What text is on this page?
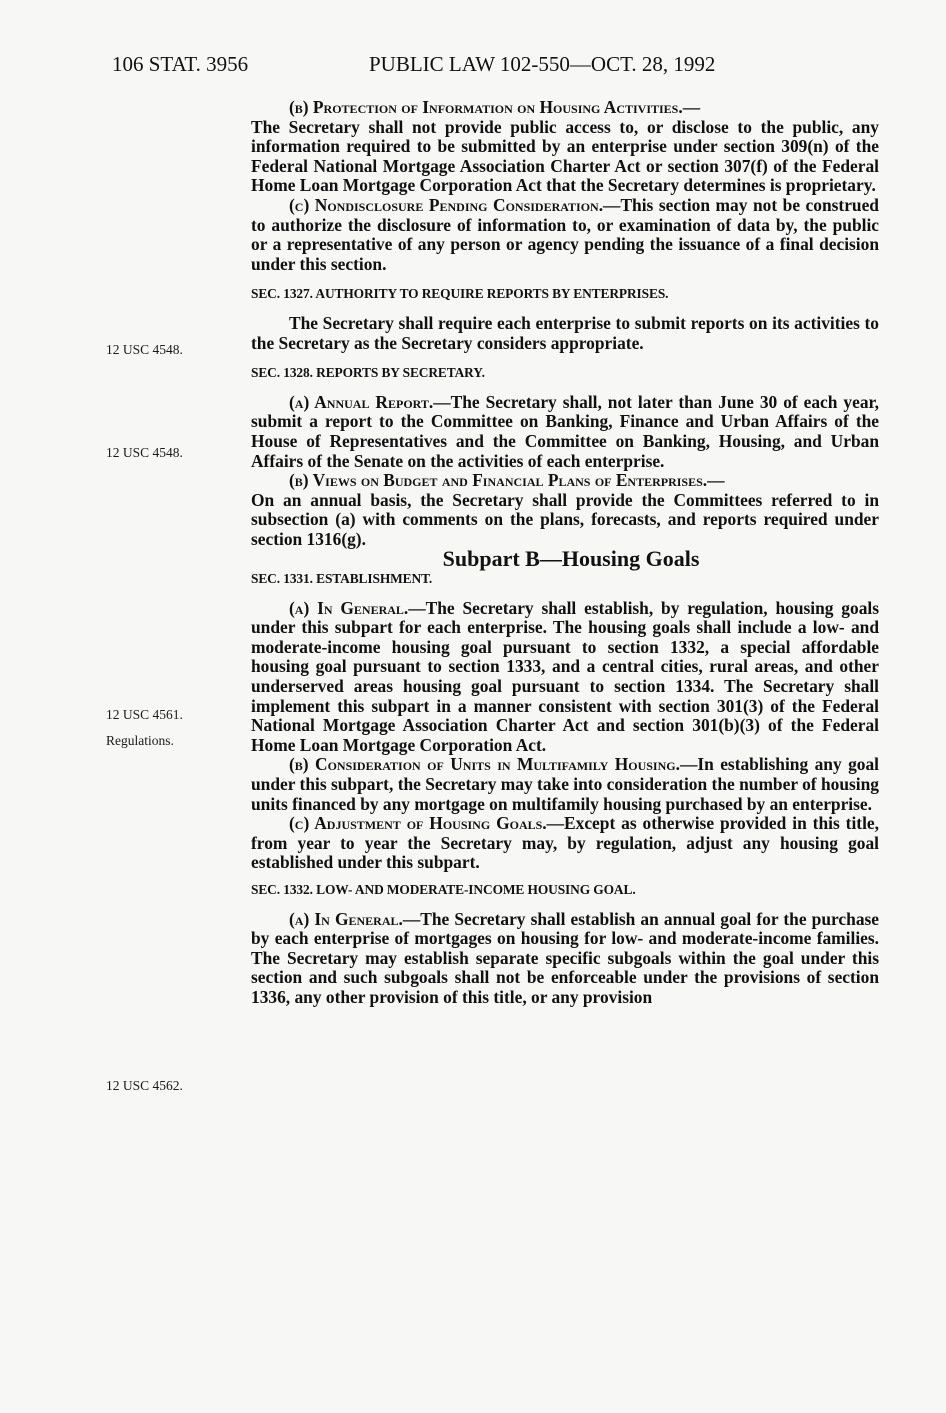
106 STAT. 3956	PUBLIC LAW 102-550—OCT. 28, 1992
12 USC 4548.
12 USC 4548.
12 USC 4561.
Regulations.
12 USC 4562.

(b) Protection of Information on Housing Activities.—
The Secretary shall not provide public access to, or disclose to the public, any information required to be submitted by an enterprise under section 309(n) of the Federal National Mortgage Association Charter Act or section 307(f) of the Federal Home Loan Mortgage Corporation Act that the Secretary determines is proprietary.

(c) Nondisclosure Pending Consideration.—This section may not be construed to authorize the disclosure of information to, or examination of data by, the public or a representative of any person or agency pending the issuance of a final decision under this section.

SEC. 1327. AUTHORITY TO REQUIRE REPORTS BY ENTERPRISES.

The Secretary shall require each enterprise to submit reports on its activities to the Secretary as the Secretary considers appropriate.

SEC. 1328. REPORTS BY SECRETARY.

(a) Annual Report.—The Secretary shall, not later than June 30 of each year, submit a report to the Committee on Banking, Finance and Urban Affairs of the House of Representatives and the Committee on Banking, Housing, and Urban Affairs of the Senate on the activities of each enterprise.

(b) Views on Budget and Financial Plans of Enterprises.—
On an annual basis, the Secretary shall provide the Committees referred to in subsection (a) with comments on the plans, forecasts, and reports required under section 1316(g).

Subpart B—Housing Goals

SEC. 1331. ESTABLISHMENT.

(a) In General.—The Secretary shall establish, by regulation, housing goals under this subpart for each enterprise. The housing goals shall include a low- and moderate-income housing goal pursuant to section 1332, a special affordable housing goal pursuant to section 1333, and a central cities, rural areas, and other underserved areas housing goal pursuant to section 1334. The Secretary shall implement this subpart in a manner consistent with section 301(3) of the Federal National Mortgage Association Charter Act and section 301(b)(3) of the Federal Home Loan Mortgage Corporation Act.

(b) Consideration of Units in Multifamily Housing.—In establishing any goal under this subpart, the Secretary may take into consideration the number of housing units financed by any mortgage on multifamily housing purchased by an enterprise.

(c) Adjustment of Housing Goals.—Except as otherwise provided in this title, from year to year the Secretary may, by regulation, adjust any housing goal established under this subpart.

SEC. 1332. LOW- AND MODERATE-INCOME HOUSING GOAL.

(a) In General.—The Secretary shall establish an annual goal for the purchase by each enterprise of mortgages on housing for low- and moderate-income families. The Secretary may establish separate specific subgoals within the goal under this section and such subgoals shall not be enforceable under the provisions of section 1336, any other provision of this title, or any provision
